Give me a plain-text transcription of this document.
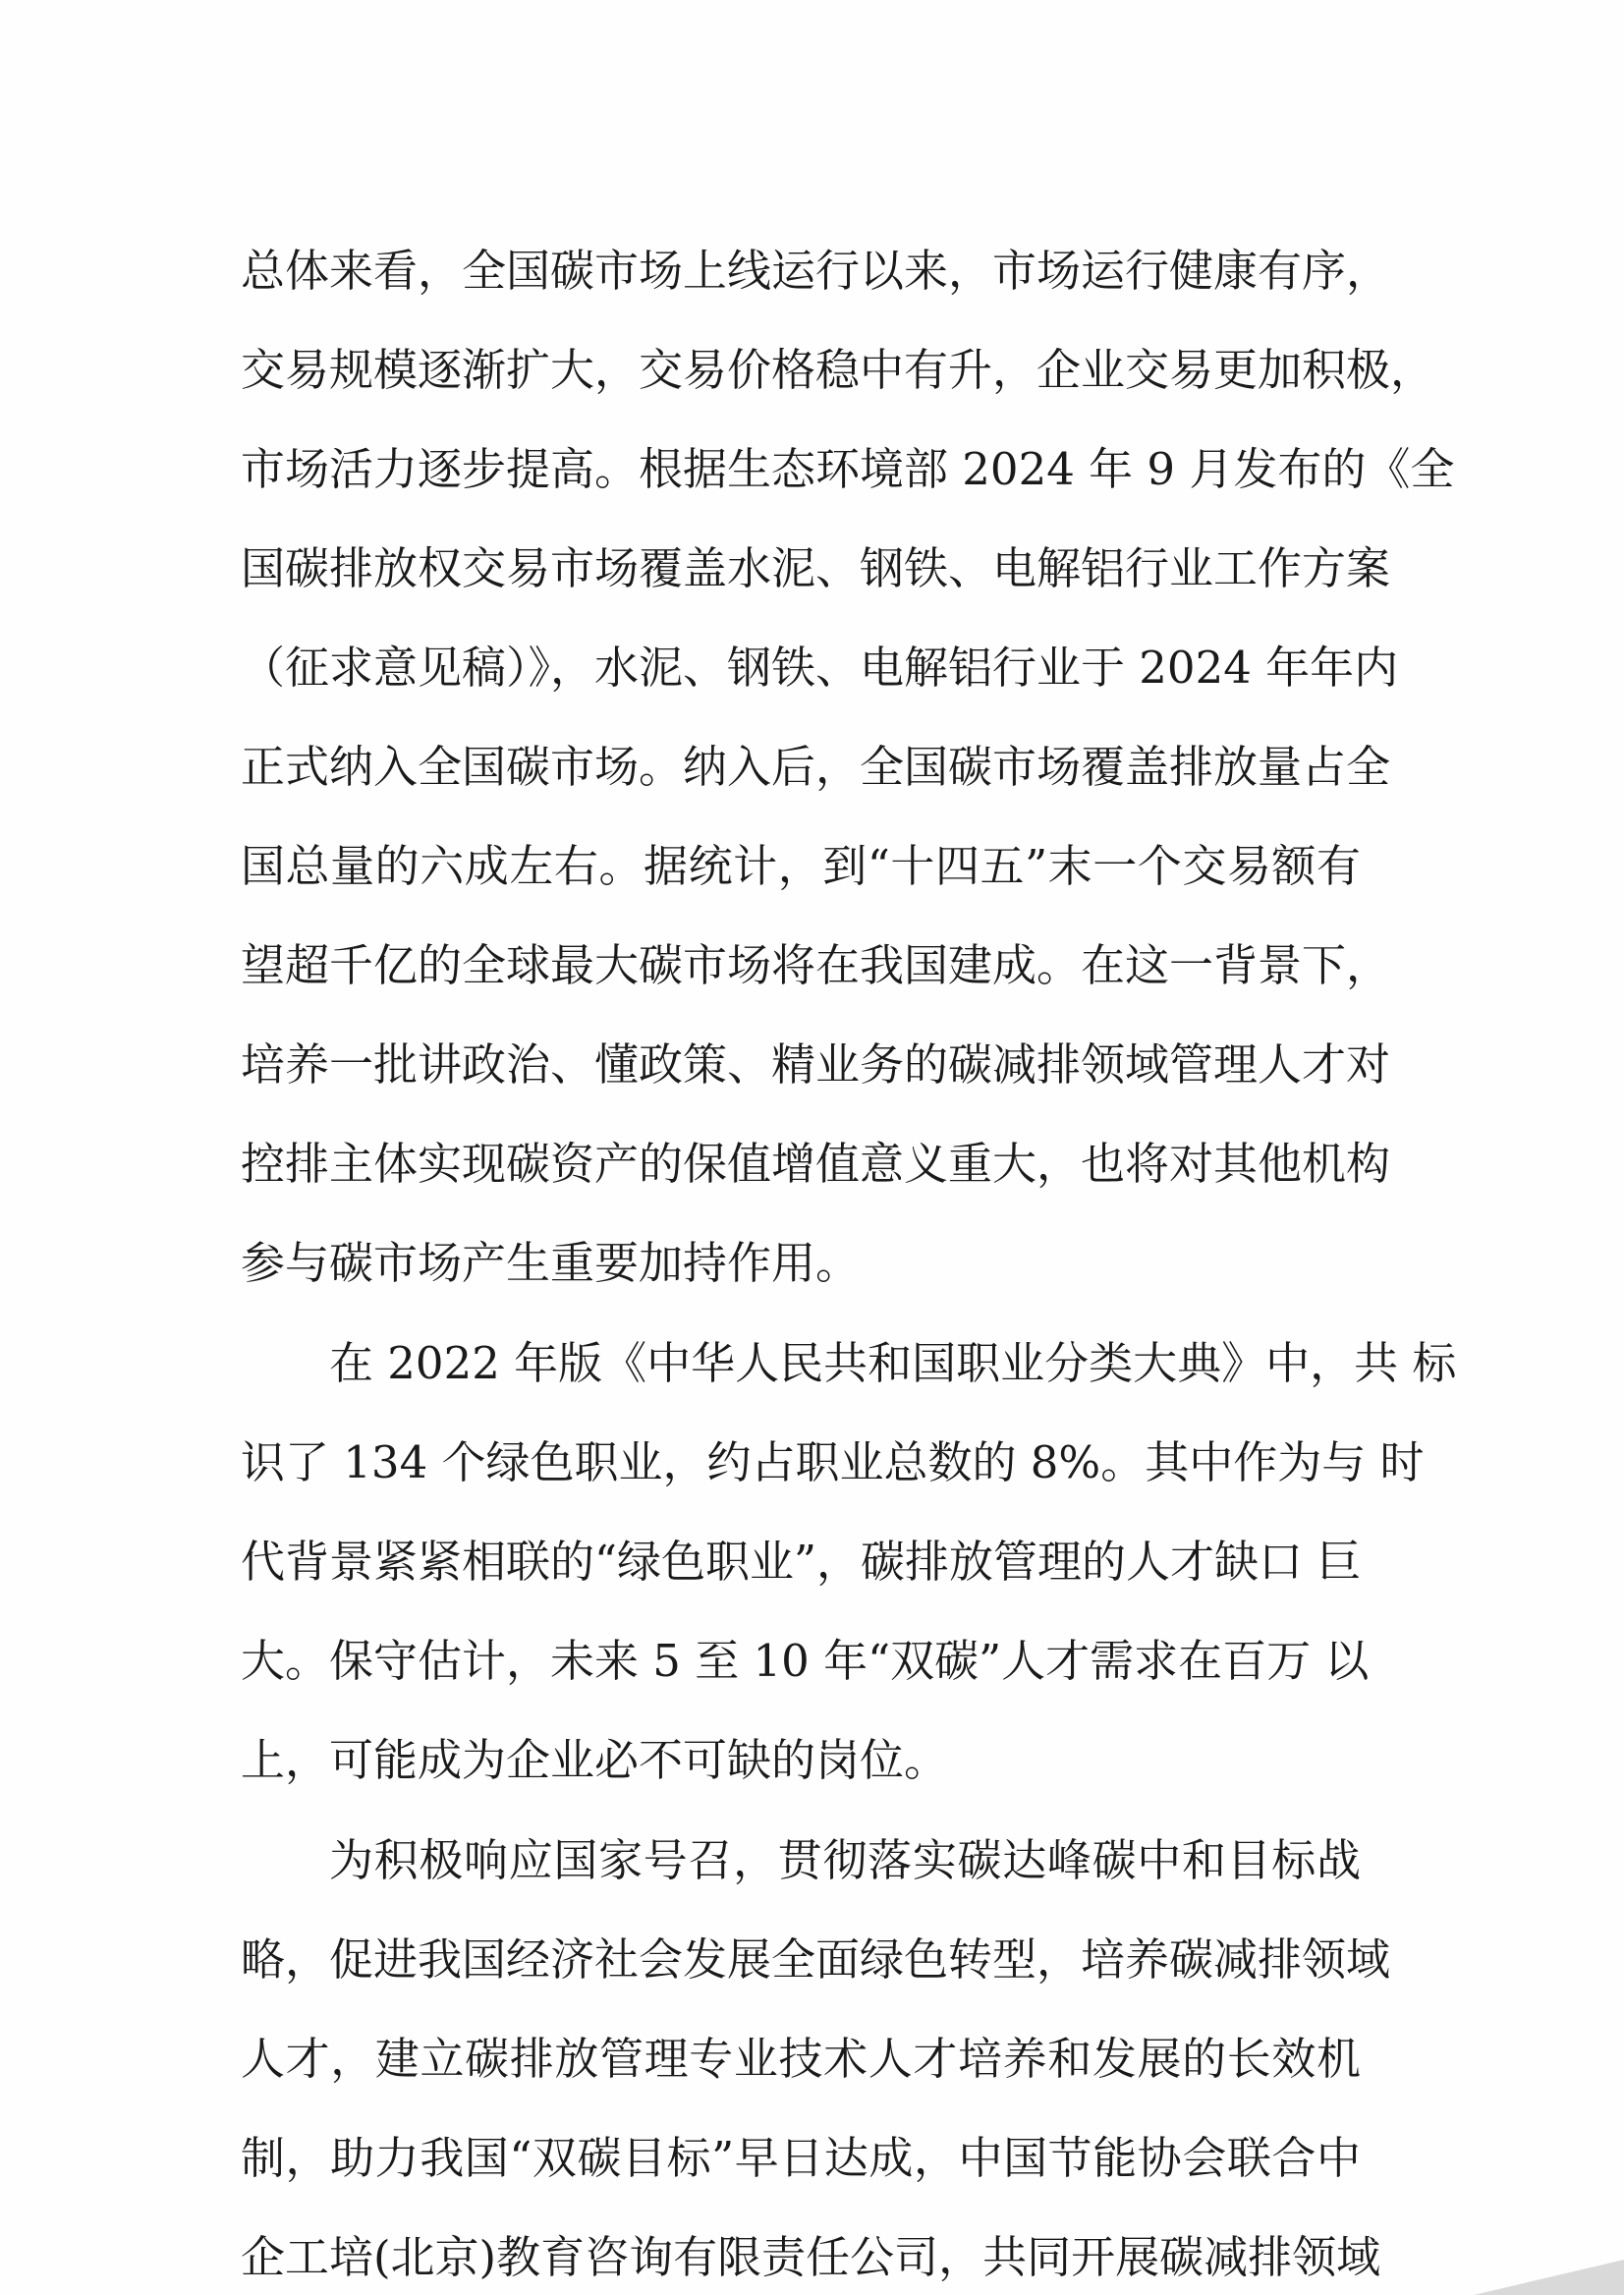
总体来看，全国碳市场上线运行以来，市场运行健康有序，
交易规模逐渐扩大，交易价格稳中有升，企业交易更加积极，
市场活力逐步提高。根据生态环境部 2024 年 9 月发布的《全
国碳排放权交易市场覆盖水泥、钢铁、电解铝行业工作方案
（征求意见稿）》，水泥、钢铁、电解铝行业于 2024 年年内
正式纳入全国碳市场。纳入后，全国碳市场覆盖排放量占全
国总量的六成左右。据统计，到“十四五”末一个交易额有
望超千亿的全球最大碳市场将在我国建成。在这一背景下，
培养一批讲政治、懂政策、精业务的碳减排领域管理人才对
控排主体实现碳资产的保值增值意义重大，也将对其他机构
参与碳市场产生重要加持作用。
在 2022 年版《中华人民共和国职业分类大典》中，共 标
识了 134 个绿色职业，约占职业总数的 8%。其中作为与 时
代背景紧紧相联的“绿色职业”，碳排放管理的人才缺口 巨
大。保守估计，未来 5 至 10 年“双碳”人才需求在百万 以
上，可能成为企业必不可缺的岗位。
为积极响应国家号召，贯彻落实碳达峰碳中和目标战
略，促进我国经济社会发展全面绿色转型，培养碳减排领域
人才，建立碳排放管理专业技术人才培养和发展的长效机
制，助力我国“双碳目标”早日达成，中国节能协会联合中
企工培(北京)教育咨询有限责任公司，共同开展碳减排领域
